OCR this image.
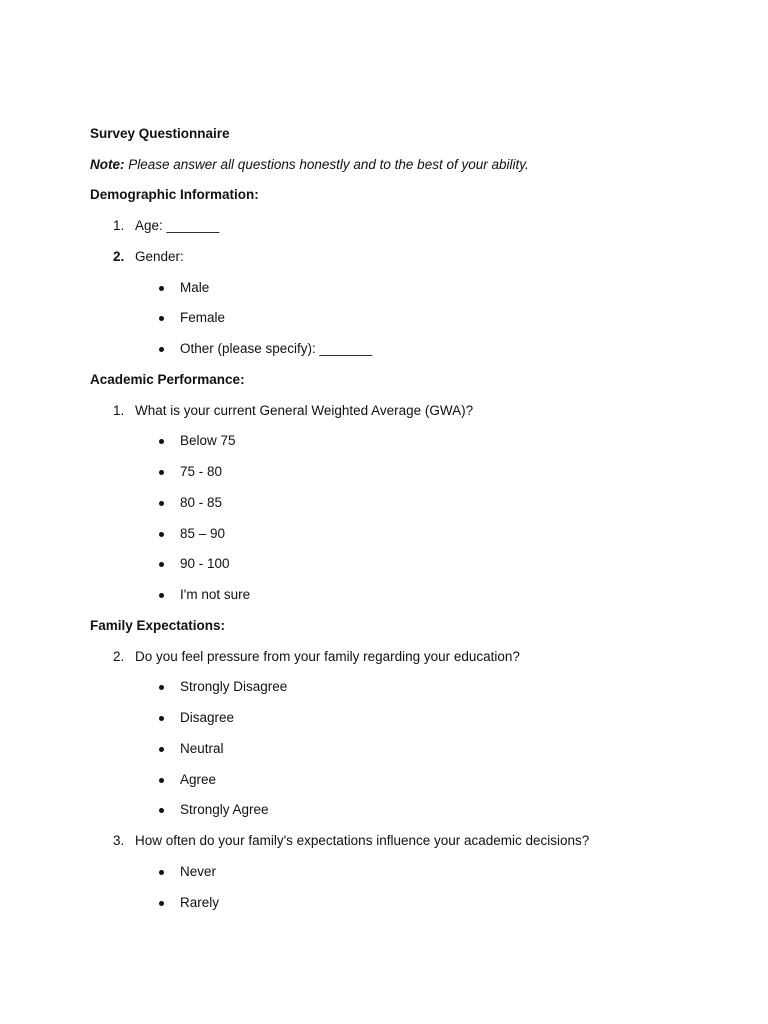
Survey Questionnaire
Note: Please answer all questions honestly and to the best of your ability.
Demographic Information:
1. Age: _______
2. Gender:
Male
Female
Other (please specify): _______
Academic Performance:
1. What is your current General Weighted Average (GWA)?
Below 75
75 - 80
80 - 85
85 – 90
90 - 100
I'm not sure
Family Expectations:
2. Do you feel pressure from your family regarding your education?
Strongly Disagree
Disagree
Neutral
Agree
Strongly Agree
3. How often do your family's expectations influence your academic decisions?
Never
Rarely
